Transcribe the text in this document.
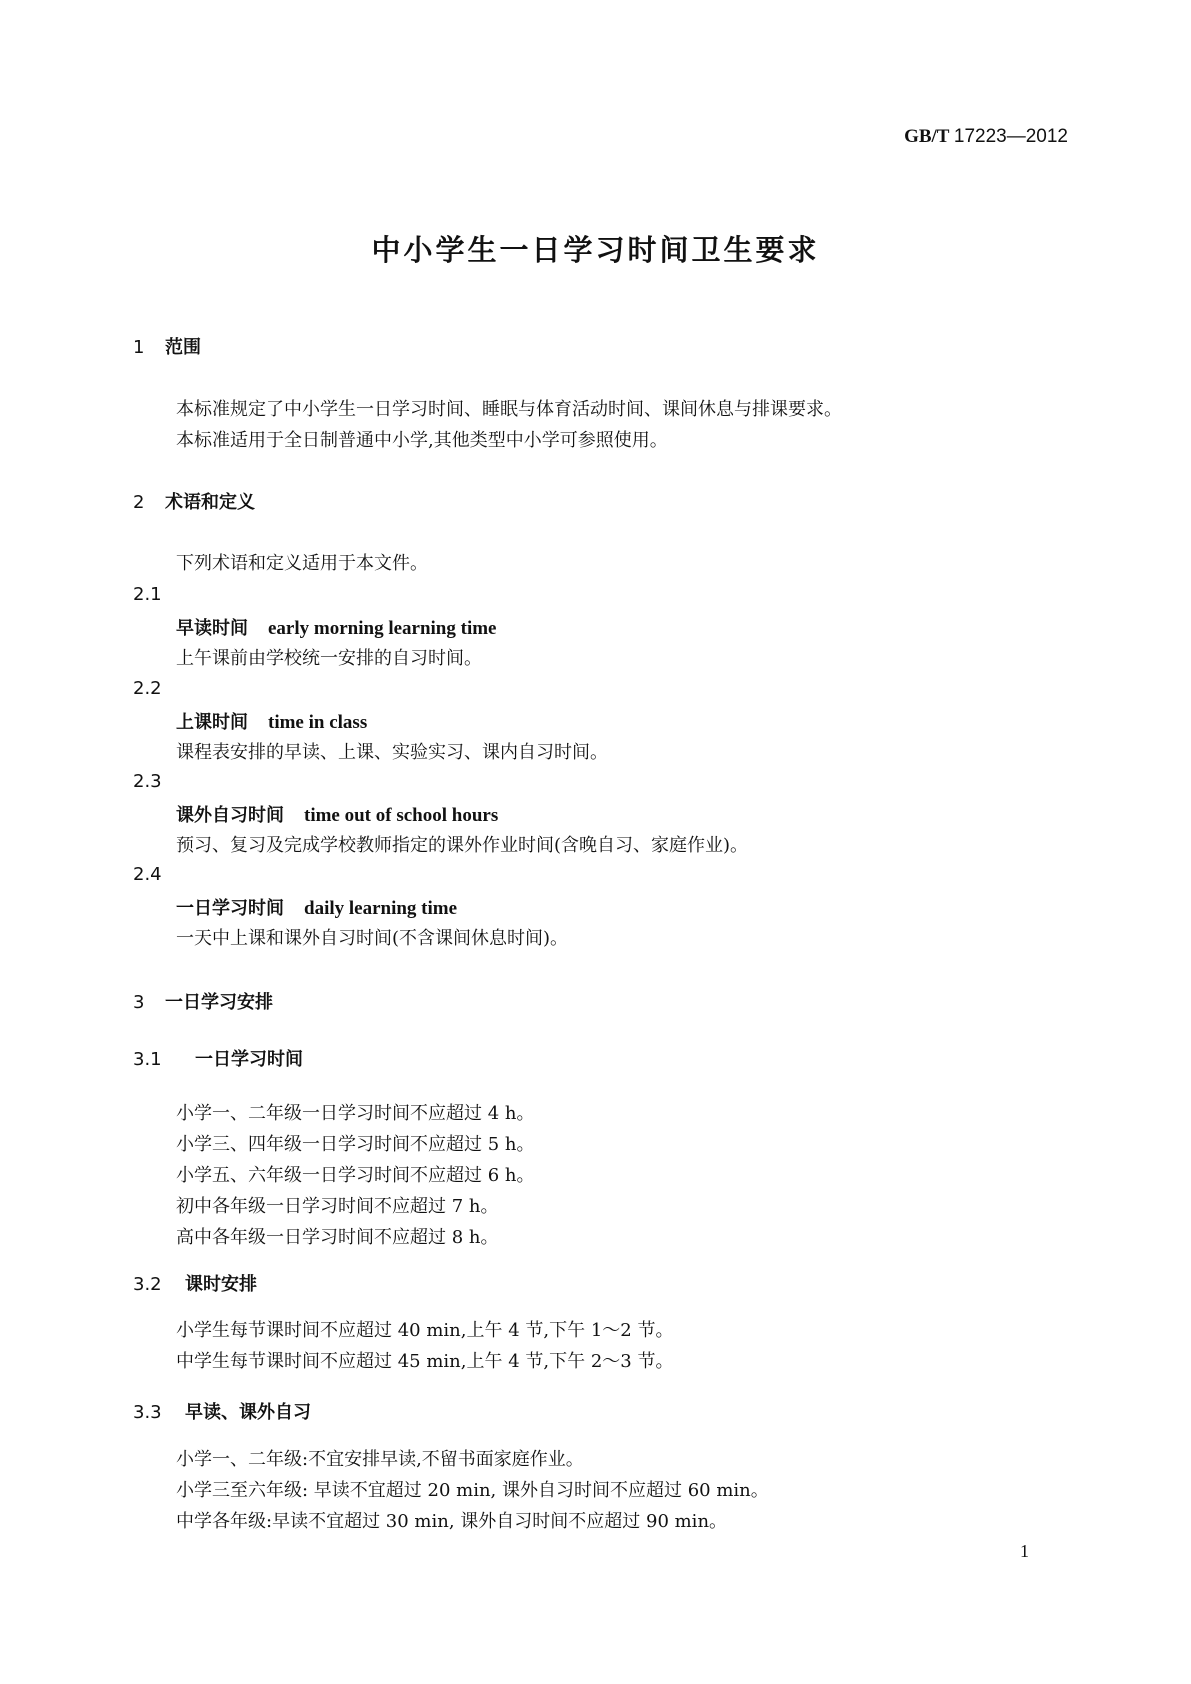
GB/T 17223—2012
中小学生一日学习时间卫生要求
1 范围
本标准规定了中小学生一日学习时间、睡眠与体育活动时间、课间休息与排课要求。
本标准适用于全日制普通中小学,其他类型中小学可参照使用。
2 术语和定义
下列术语和定义适用于本文件。
2.1
早读时间 early morning learning time
上午课前由学校统一安排的自习时间。
2.2
上课时间 time in class
课程表安排的早读、上课、实验实习、课内自习时间。
2.3
课外自习时间 time out of school hours
预习、复习及完成学校教师指定的课外作业时间(含晚自习、家庭作业)。
2.4
一日学习时间 daily learning time
一天中上课和课外自习时间(不含课间休息时间)。
3 一日学习安排
3.1 一日学习时间
小学一、二年级一日学习时间不应超过 4 h。
小学三、四年级一日学习时间不应超过 5 h。
小学五、六年级一日学习时间不应超过 6 h。
初中各年级一日学习时间不应超过 7 h。
高中各年级一日学习时间不应超过 8 h。
3.2 课时安排
小学生每节课时间不应超过 40 min,上午 4 节,下午 1～2 节。
中学生每节课时间不应超过 45 min,上午 4 节,下午 2～3 节。
3.3 早读、课外自习
小学一、二年级:不宜安排早读,不留书面家庭作业。
小学三至六年级: 早读不宜超过 20 min, 课外自习时间不应超过 60 min。
中学各年级:早读不宜超过 30 min, 课外自习时间不应超过 90 min。
1
